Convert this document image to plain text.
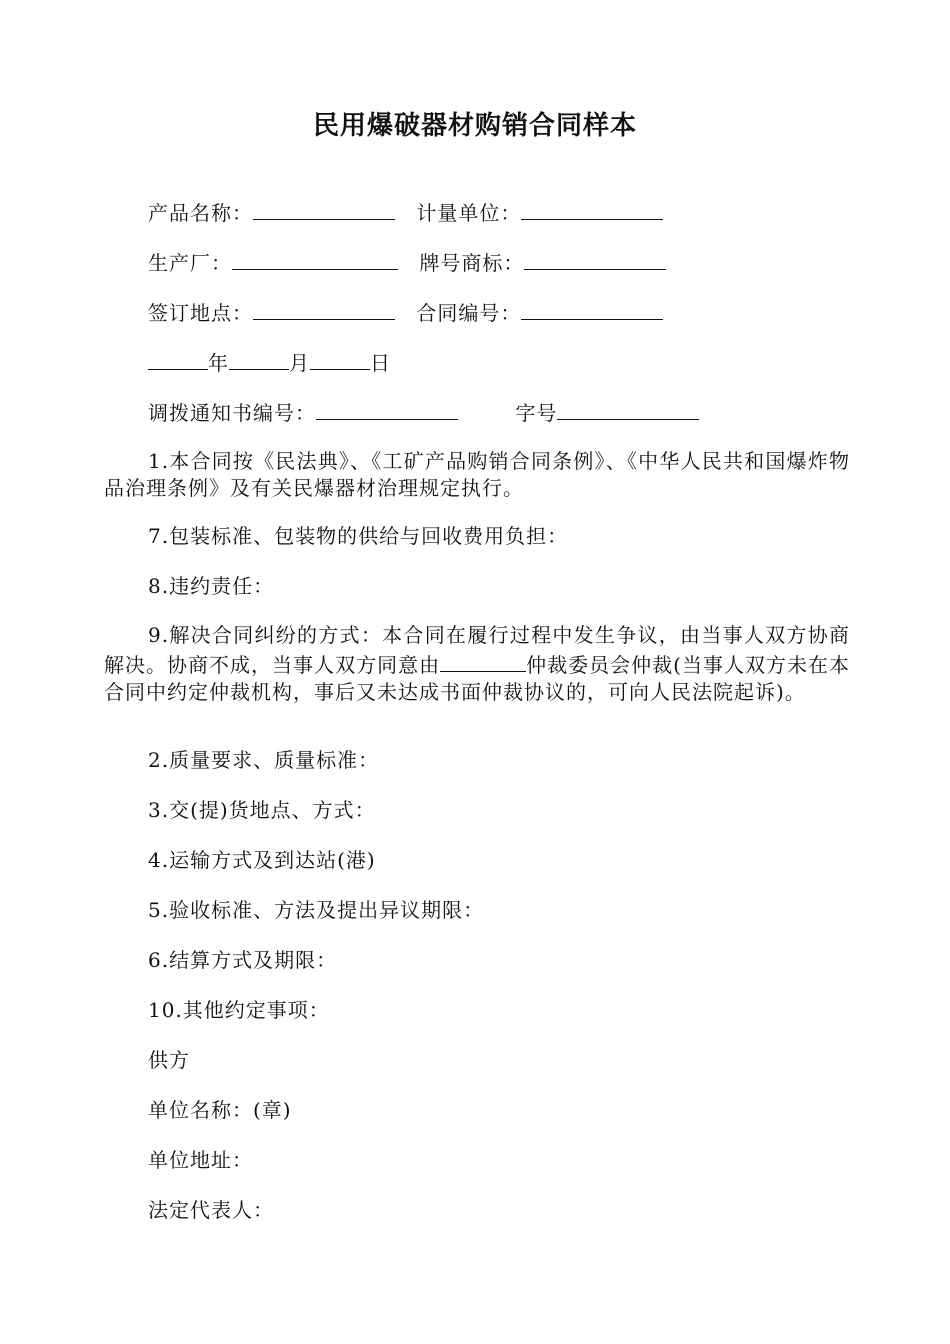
民用爆破器材购销合同样本
产品名称：	计量单位：
生产厂：	牌号商标：
签订地点：	合同编号：
年	月	日
调拨通知书编号：	字号
1.本合同按《民法典》、《工矿产品购销合同条例》、《中华人民共和国爆炸物品治理条例》及有关民爆器材治理规定执行。
7.包装标准、包装物的供给与回收费用负担：
8.违约责任：
9.解决合同纠纷的方式：本合同在履行过程中发生争议，由当事人双方协商解决。协商不成，当事人双方同意由	仲裁委员会仲裁(当事人双方未在本合同中约定仲裁机构，事后又未达成书面仲裁协议的，可向人民法院起诉)。
2.质量要求、质量标准：
3.交(提)货地点、方式：
4.运输方式及到达站(港)
5.验收标准、方法及提出异议期限：
6.结算方式及期限：
10.其他约定事项：
供方
单位名称：(章)
单位地址：
法定代表人：
